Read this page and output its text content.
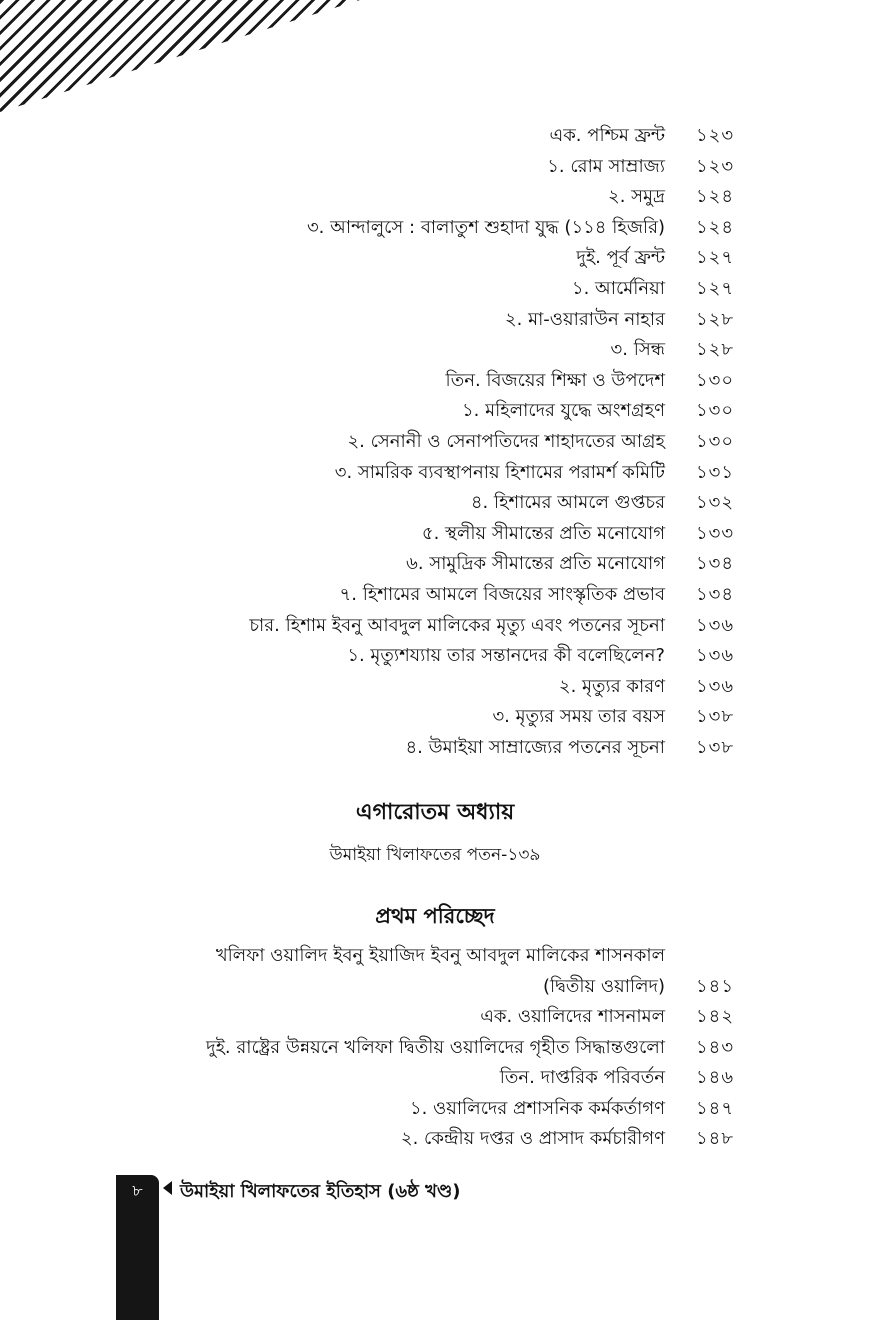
এক. পশ্চিম ফ্রন্ট ১২৩
১. রোম সাম্রাজ্য ১২৩
২. সমুদ্র ১২৪
৩. আন্দালুসে : বালাতুশ শুহাদা যুদ্ধ (১১৪ হিজরি) ১২৪
দুই. পূর্ব ফ্রন্ট ১২৭
১. আর্মেনিয়া ১২৭
২. মা-ওয়ারাউন নাহার ১২৮
৩. সিন্ধ ১২৮
তিন. বিজয়ের শিক্ষা ও উপদেশ ১৩০
১. মহিলাদের যুদ্ধে অংশগ্রহণ ১৩০
২. সেনানী ও সেনাপতিদের শাহাদতের আগ্রহ ১৩০
৩. সামরিক ব্যবস্থাপনায় হিশামের পরামর্শ কমিটি ১৩১
৪. হিশামের আমলে গুপ্তচর ১৩২
৫. স্থলীয় সীমান্তের প্রতি মনোযোগ ১৩৩
৬. সামুদ্রিক সীমান্তের প্রতি মনোযোগ ১৩৪
৭. হিশামের আমলে বিজয়ের সাংস্কৃতিক প্রভাব ১৩৪
চার. হিশাম ইবনু আবদুল মালিকের মৃত্যু এবং পতনের সূচনা ১৩৬
১. মৃত্যুশয্যায় তার সন্তানদের কী বলেছিলেন? ১৩৬
২. মৃত্যুর কারণ ১৩৬
৩. মৃত্যুর সময় তার বয়স ১৩৮
৪. উমাইয়া সাম্রাজ্যের পতনের সূচনা ১৩৮
এগারোতম অধ্যায়
উমাইয়া খিলাফতের পতন-১৩৯
প্রথম পরিচ্ছেদ
খলিফা ওয়ালিদ ইবনু ইয়াজিদ ইবনু আবদুল মালিকের শাসনকাল
(দ্বিতীয় ওয়ালিদ) ১৪১
এক. ওয়ালিদের শাসনামল ১৪২
দুই. রাষ্ট্রের উন্নয়নে খলিফা দ্বিতীয় ওয়ালিদের গৃহীত সিদ্ধান্তগুলো ১৪৩
তিন. দাপ্তরিক পরিবর্তন ১৪৬
১. ওয়ালিদের প্রশাসনিক কর্মকর্তাগণ ১৪৭
২. কেন্দ্রীয় দপ্তর ও প্রাসাদ কর্মচারীগণ ১৪৮
৮	উমাইয়া খিলাফতের ইতিহাস (৬ষ্ঠ খণ্ড)
